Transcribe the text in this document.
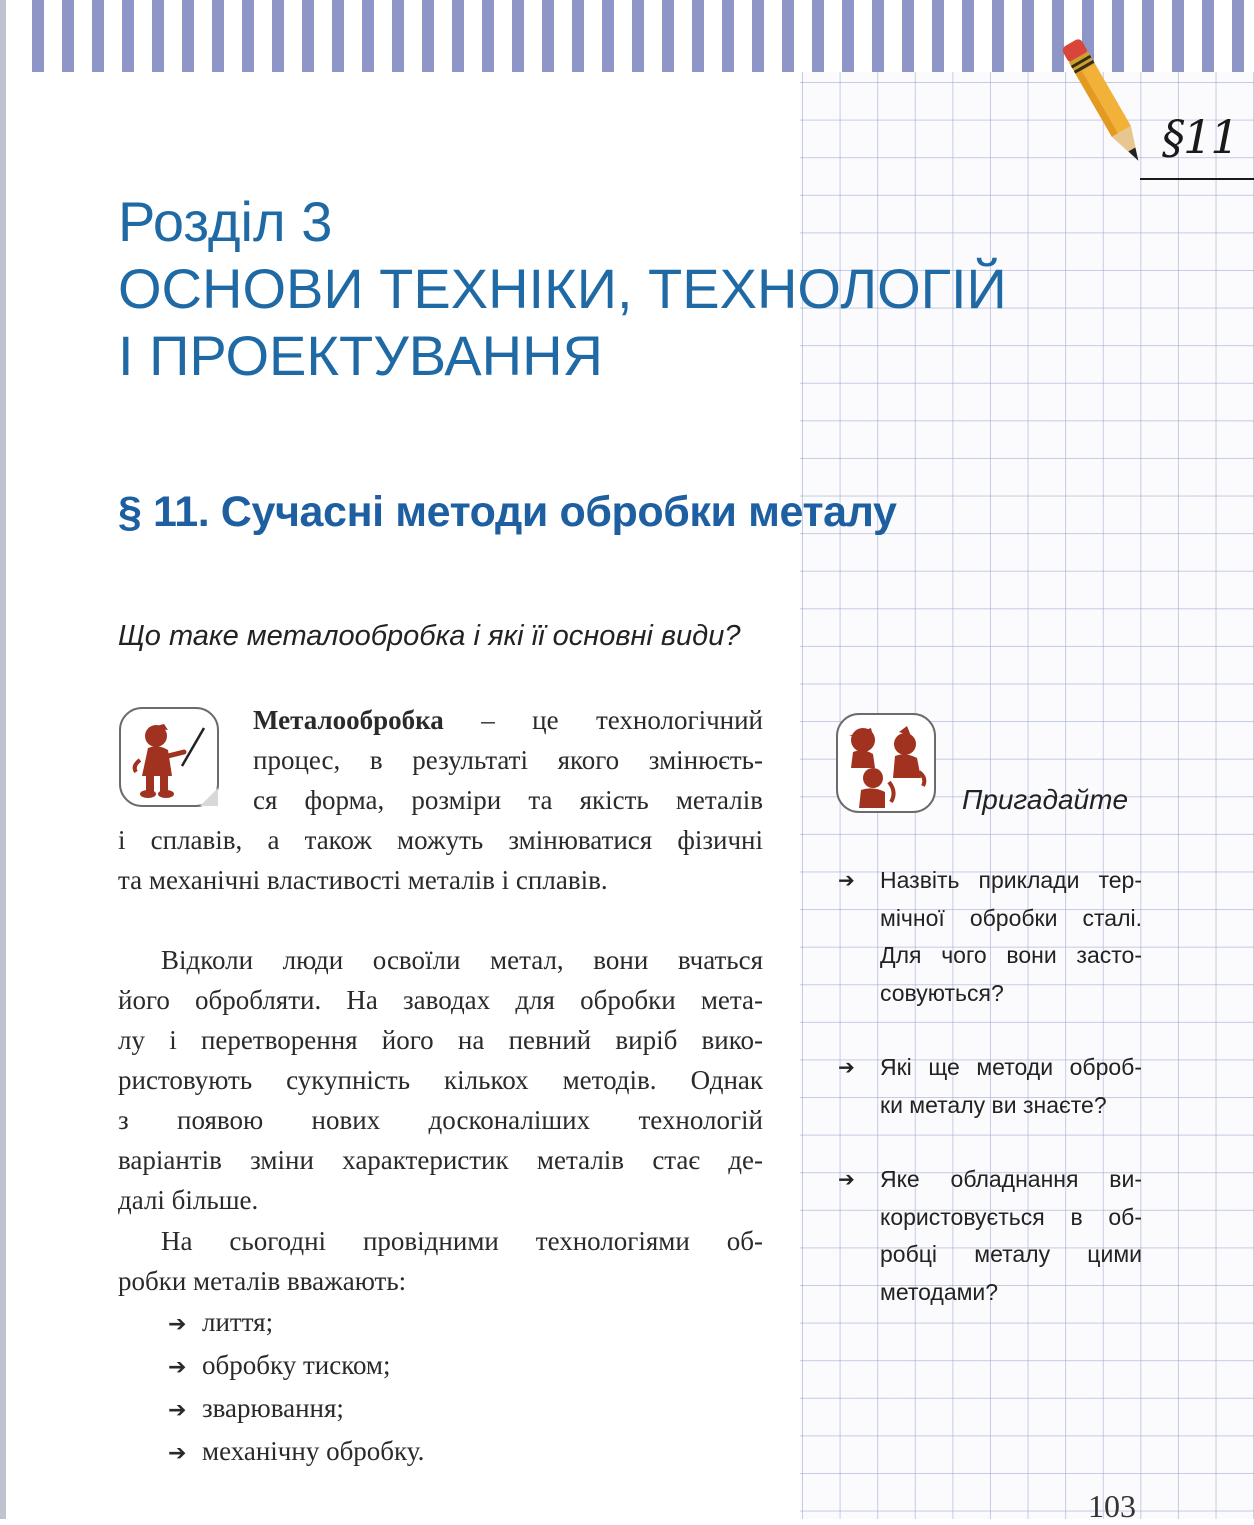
§11
Розділ 3
ОСНОВИ ТЕХНІКИ, ТЕХНОЛОГІЙ
І ПРОЕКТУВАННЯ
§ 11. Сучасні методи обробки металу
Що таке металообробка і які її основні види?
Металообробка – це технологічний
процес, в результаті якого змінюєть-
ся форма, розміри та якість металів
і сплавів, а також можуть змінюватися фізичні
та механічні властивості металів і сплавів.
Відколи люди освоїли метал, вони вчаться
його обробляти. На заводах для обробки мета-
лу і перетворення його на певний виріб вико-
ристовують сукупність кількох методів. Однак
з появою нових досконаліших технологій
варіантів зміни характеристик металів стає де-
далі більше.
На сьогодні провідними технологіями об-
робки металів вважають:
➔ лиття;
➔ обробку тиском;
➔ зварювання;
➔ механічну обробку.
Пригадайте
➔ Назвіть приклади тер-
мічної обробки сталі.
Для чого вони засто-
совуються?
➔ Які ще методи оброб-
ки металу ви знаєте?
➔ Яке обладнання ви-
користовується в об-
робці металу цими
методами?
103
